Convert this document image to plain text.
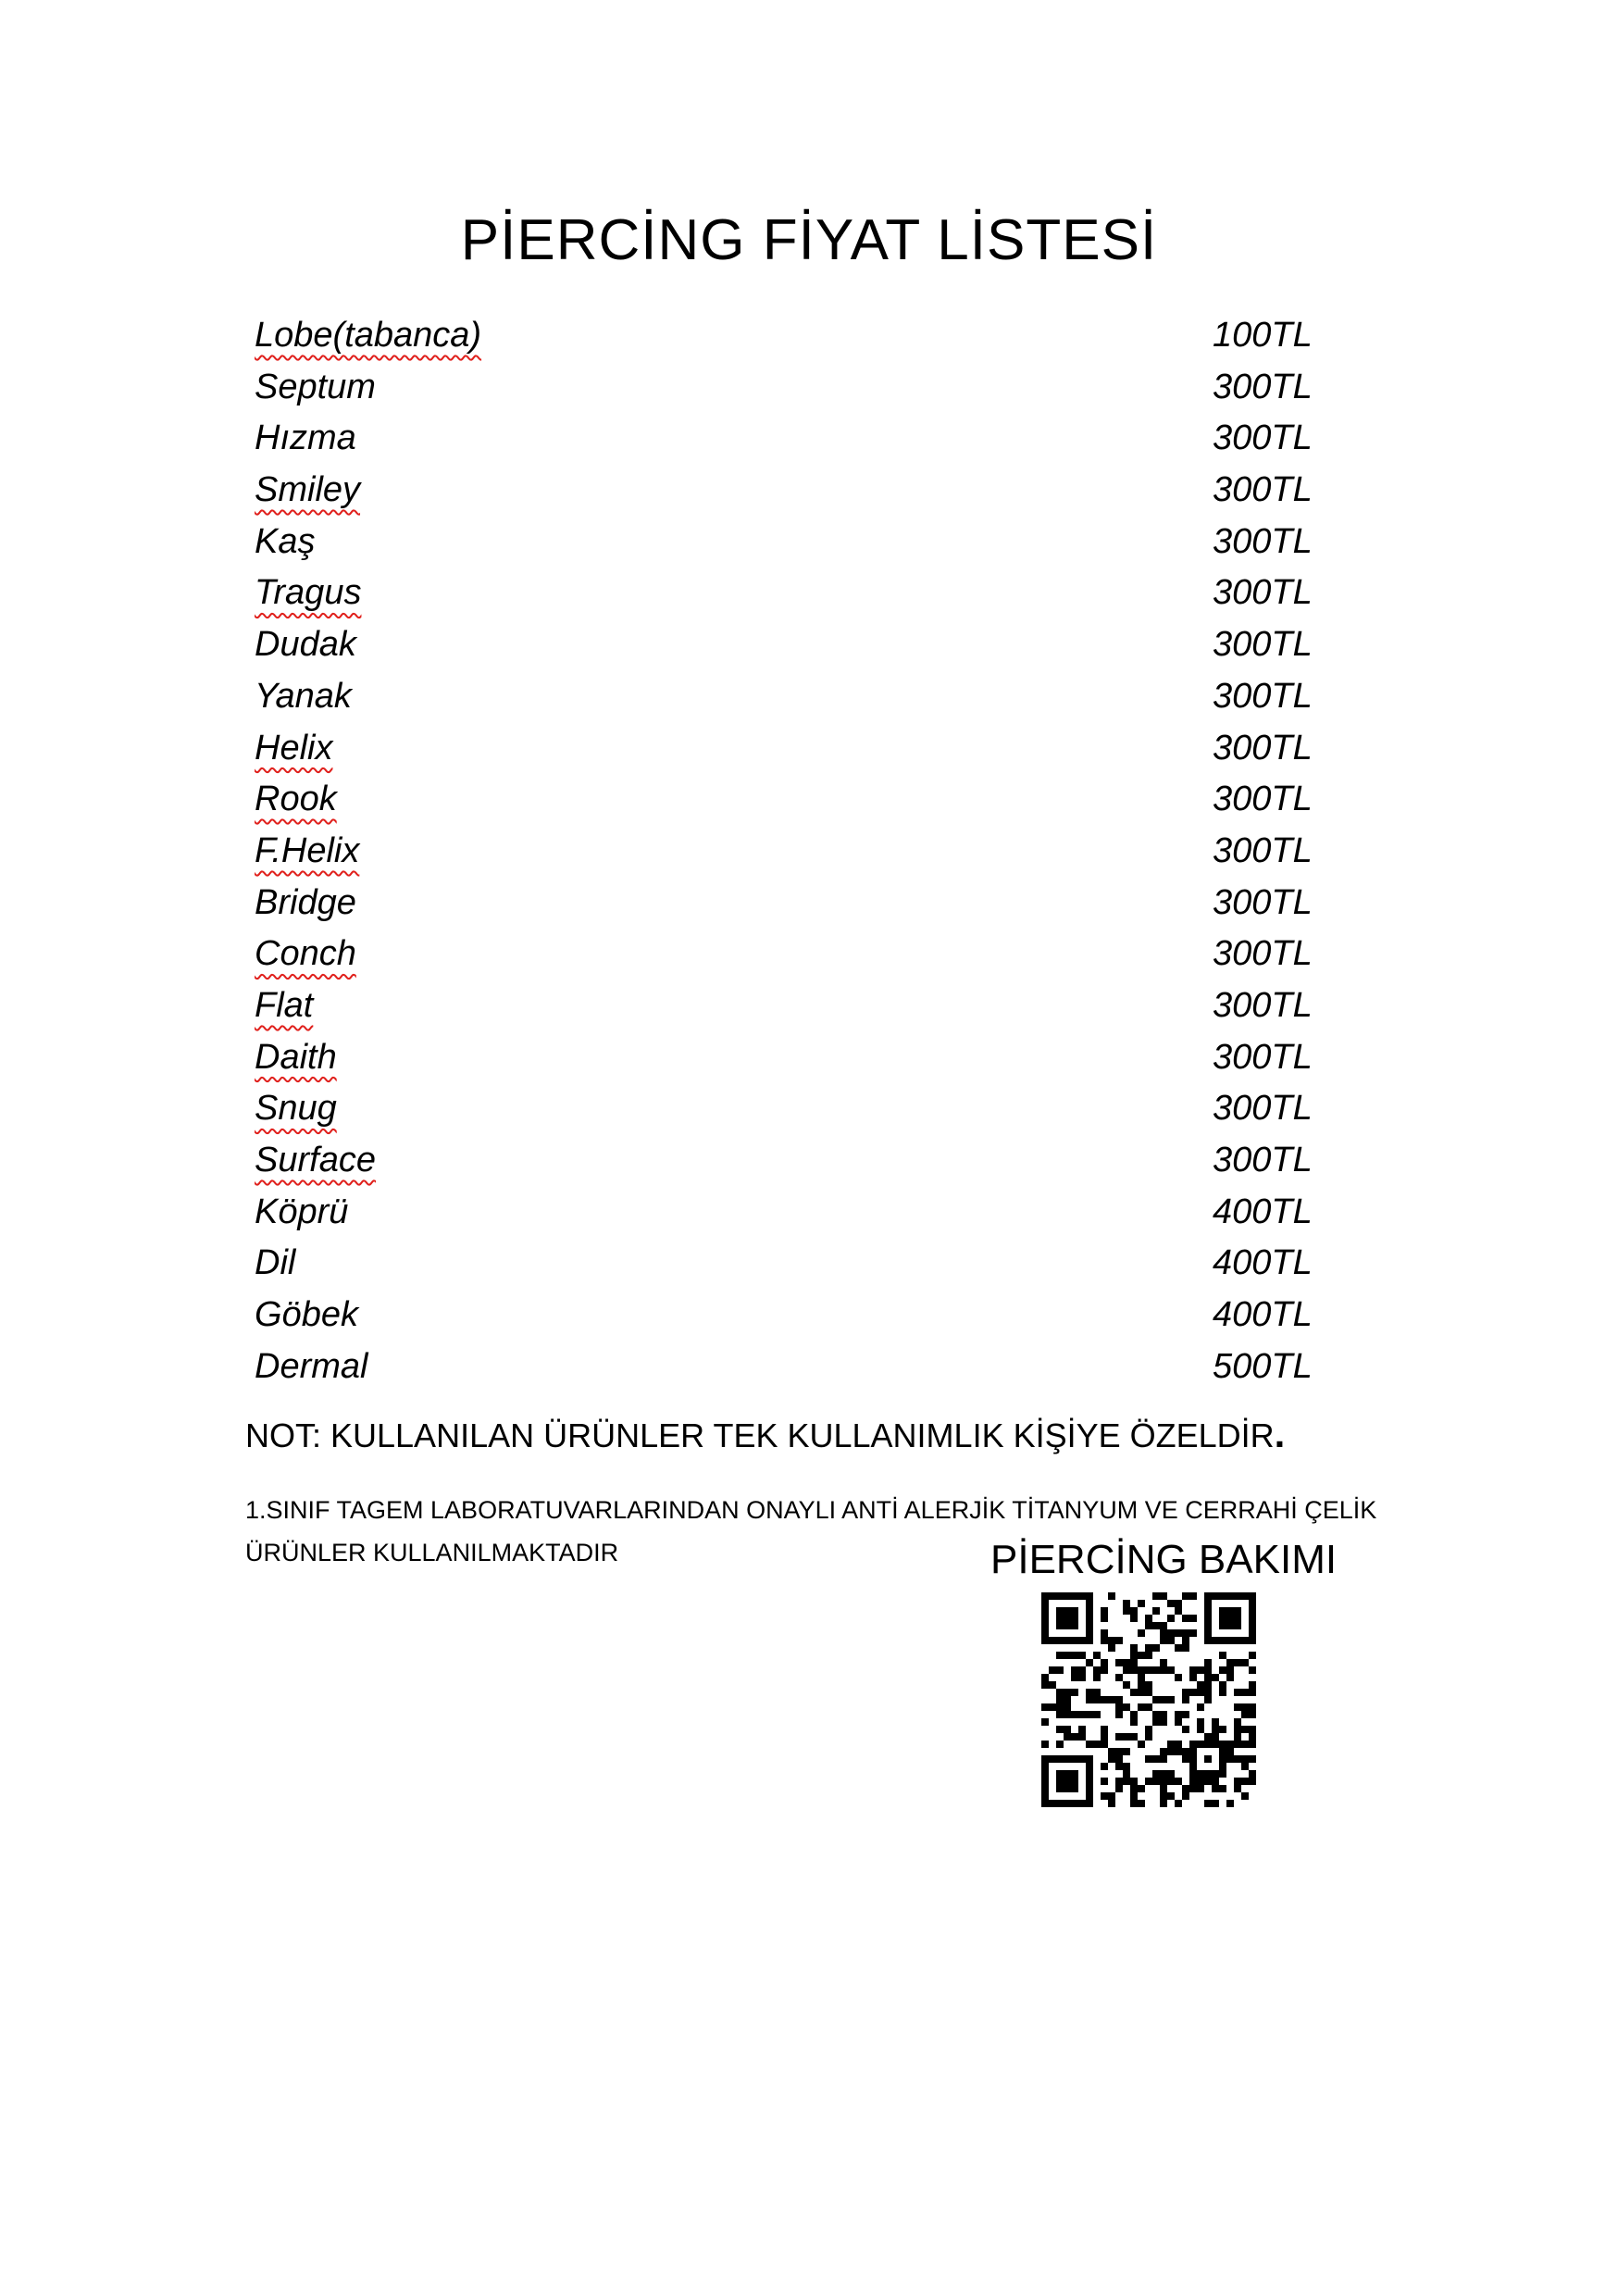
PİERCİNG FİYAT LİSTESİ
Lobe(tabanca)	100TL
Septum	300TL
Hızma	300TL
Smiley	300TL
Kaş	300TL
Tragus	300TL
Dudak	300TL
Yanak	300TL
Helix	300TL
Rook	300TL
F.Helix	300TL
Bridge	300TL
Conch	300TL
Flat	300TL
Daith	300TL
Snug	300TL
Surface	300TL
Köprü	400TL
Dil	400TL
Göbek	400TL
Dermal	500TL

NOT: KULLANILAN ÜRÜNLER TEK KULLANIMLIK KİŞİYE ÖZELDİR.

1.SINIF TAGEM LABORATUVARLARINDAN ONAYLI ANTİ ALERJİK TİTANYUM VE CERRAHİ ÇELİK
ÜRÜNLER KULLANILMAKTADIR	PİERCİNG BAKIMI
